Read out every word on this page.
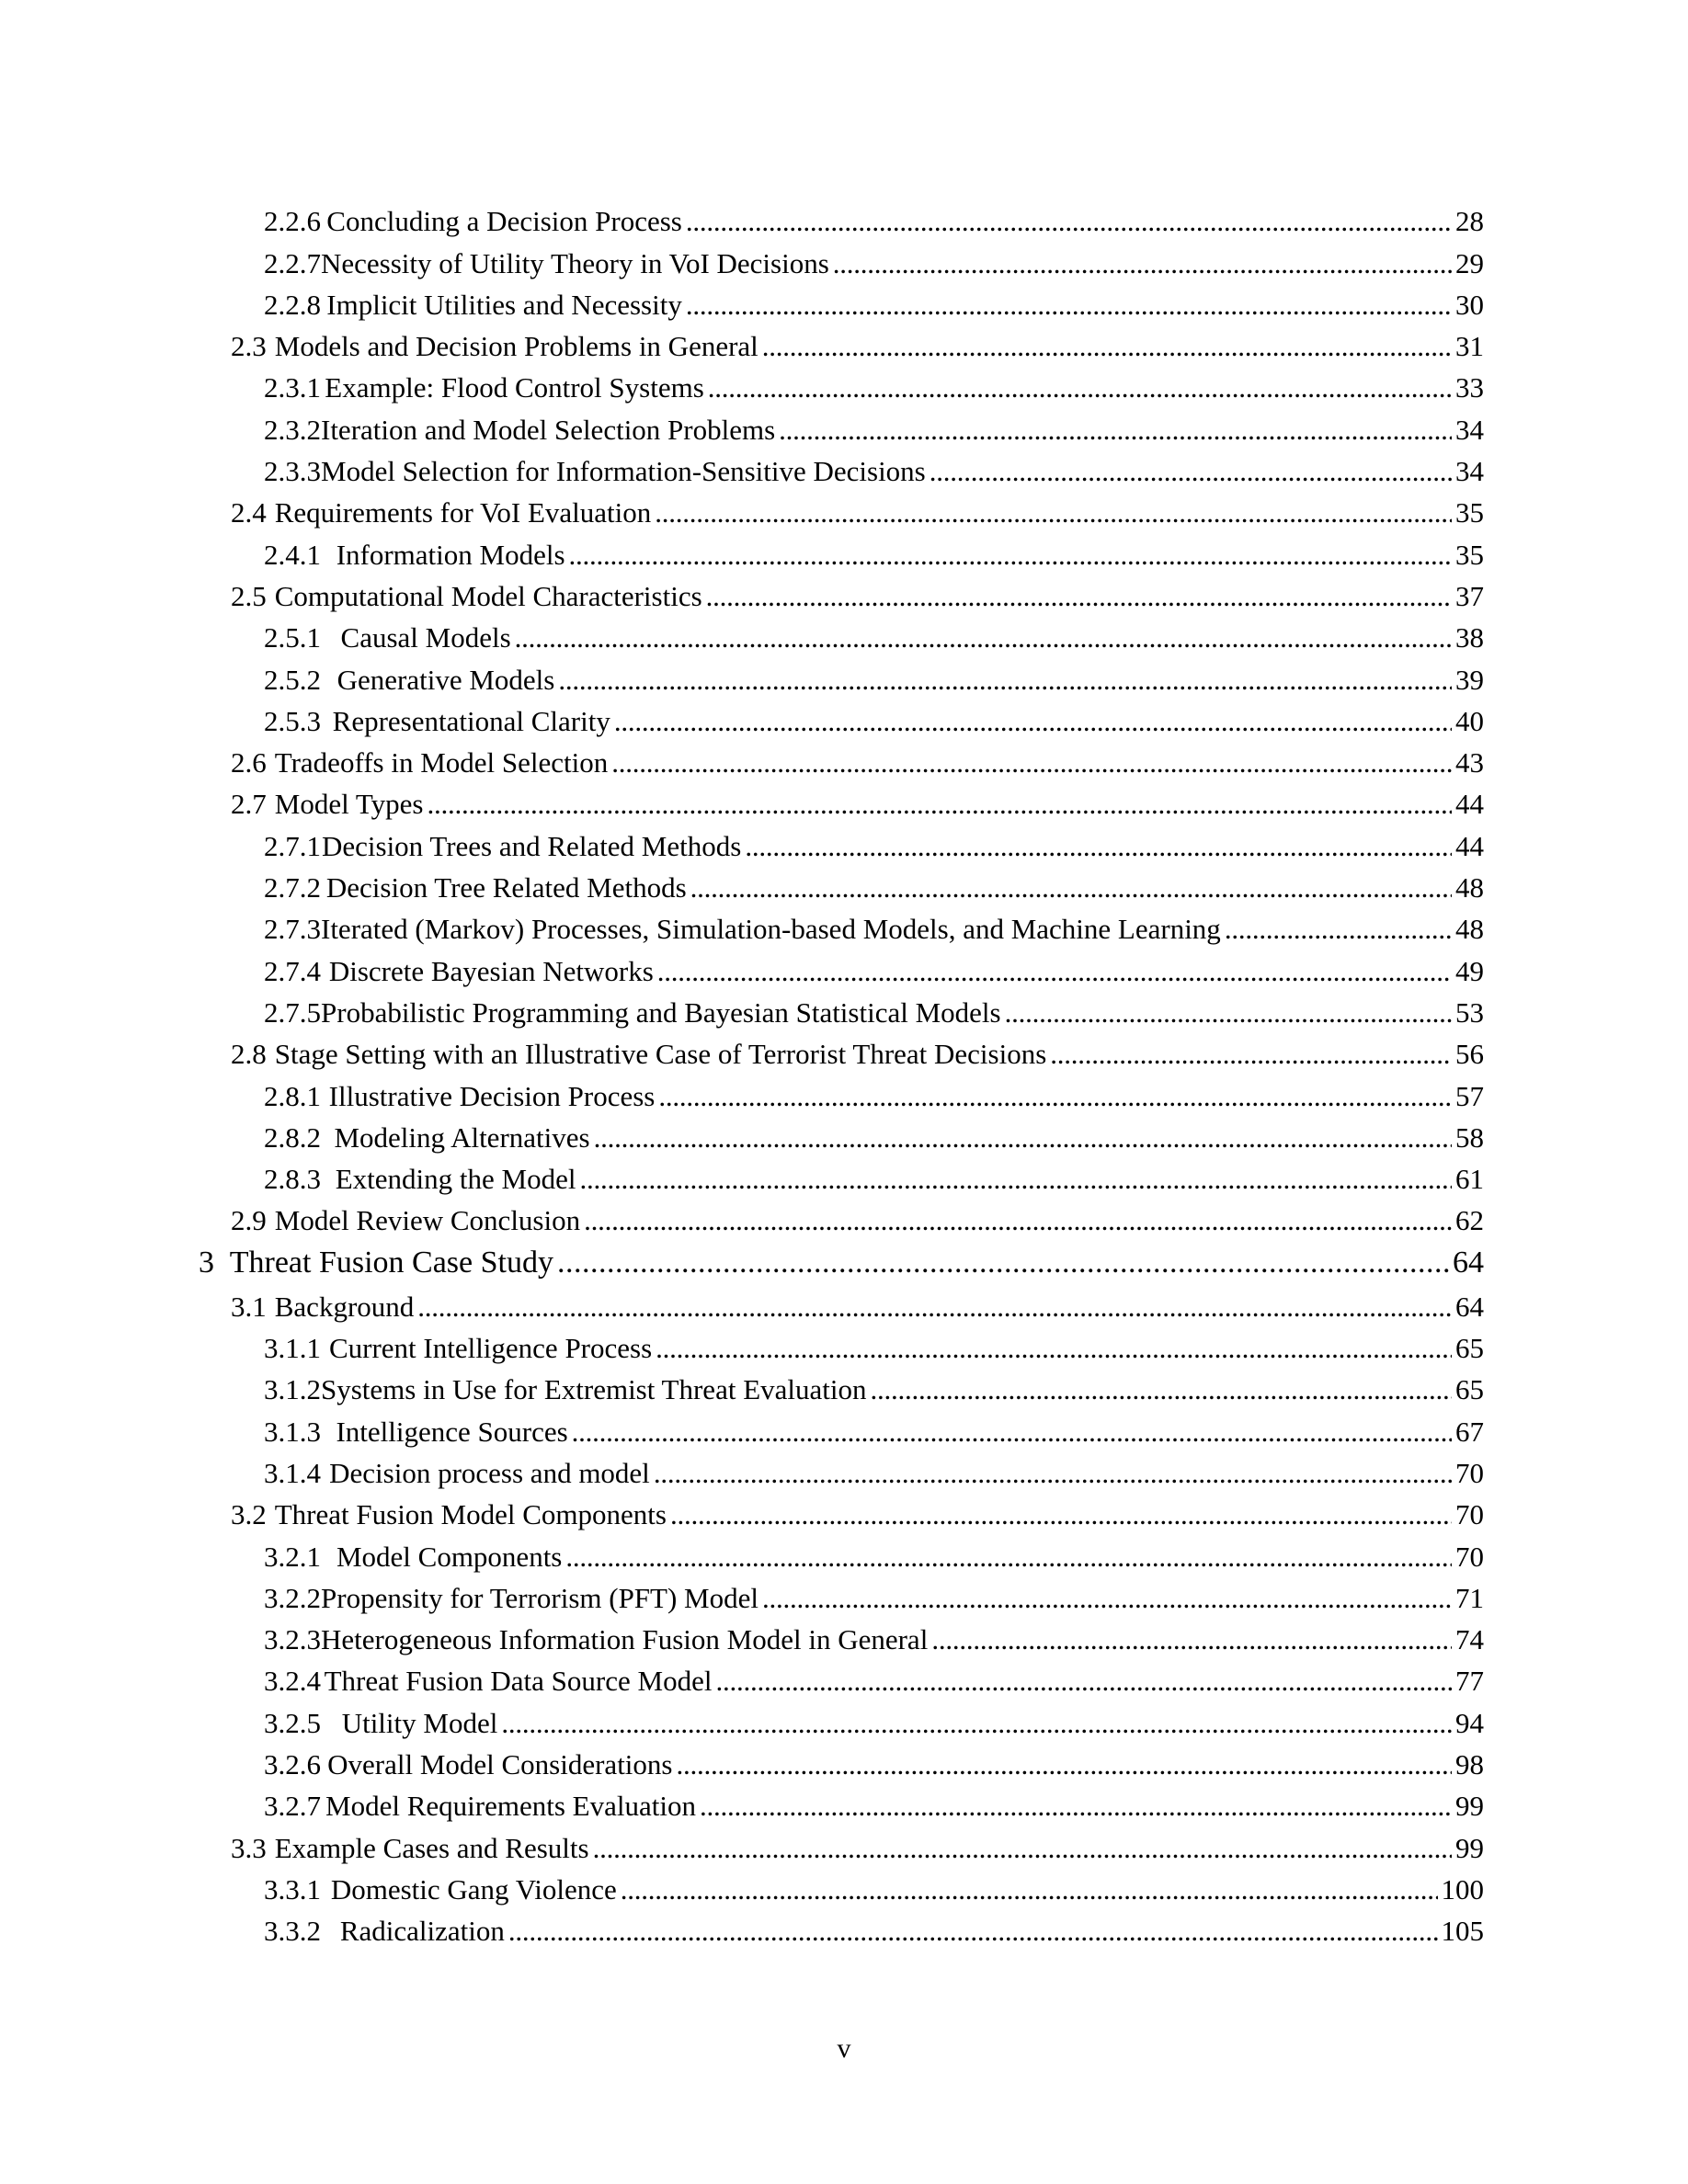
2.2.6 Concluding a Decision Process . . .	28
2.2.7 Necessity of Utility Theory in VoI Decisions . . .	29
2.2.8 Implicit Utilities and Necessity . . .	30
2.3 Models and Decision Problems in General . . .	31
2.3.1 Example: Flood Control Systems . . .	33
2.3.2 Iteration and Model Selection Problems . . .	34
2.3.3 Model Selection for Information-Sensitive Decisions . . .	34
2.4 Requirements for VoI Evaluation . . .	35
2.4.1 Information Models . . .	35
2.5 Computational Model Characteristics . . .	37
2.5.1 Causal Models . . .	38
2.5.2 Generative Models . . .	39
2.5.3 Representational Clarity . . .	40
2.6 Tradeoffs in Model Selection . . .	43
2.7 Model Types . . .	44
2.7.1 Decision Trees and Related Methods . . .	44
2.7.2 Decision Tree Related Methods . . .	48
2.7.3 Iterated (Markov) Processes, Simulation-based Models, and Machine Learning . . .	48
2.7.4 Discrete Bayesian Networks . . .	49
2.7.5 Probabilistic Programming and Bayesian Statistical Models . . .	53
2.8 Stage Setting with an Illustrative Case of Terrorist Threat Decisions . . .	56
2.8.1 Illustrative Decision Process . . .	57
2.8.2 Modeling Alternatives . . .	58
2.8.3 Extending the Model . . .	61
2.9 Model Review Conclusion . . .	62
3 Threat Fusion Case Study . . .	64
3.1 Background . . .	64
3.1.1 Current Intelligence Process . . .	65
3.1.2 Systems in Use for Extremist Threat Evaluation . . .	65
3.1.3 Intelligence Sources . . .	67
3.1.4 Decision process and model . . .	70
3.2 Threat Fusion Model Components . . .	70
3.2.1 Model Components . . .	70
3.2.2 Propensity for Terrorism (PFT) Model . . .	71
3.2.3 Heterogeneous Information Fusion Model in General . . .	74
3.2.4 Threat Fusion Data Source Model . . .	77
3.2.5 Utility Model . . .	94
3.2.6 Overall Model Considerations . . .	98
3.2.7 Model Requirements Evaluation . . .	99
3.3 Example Cases and Results . . .	99
3.3.1 Domestic Gang Violence . . .	100
3.3.2 Radicalization . . .	105
v
